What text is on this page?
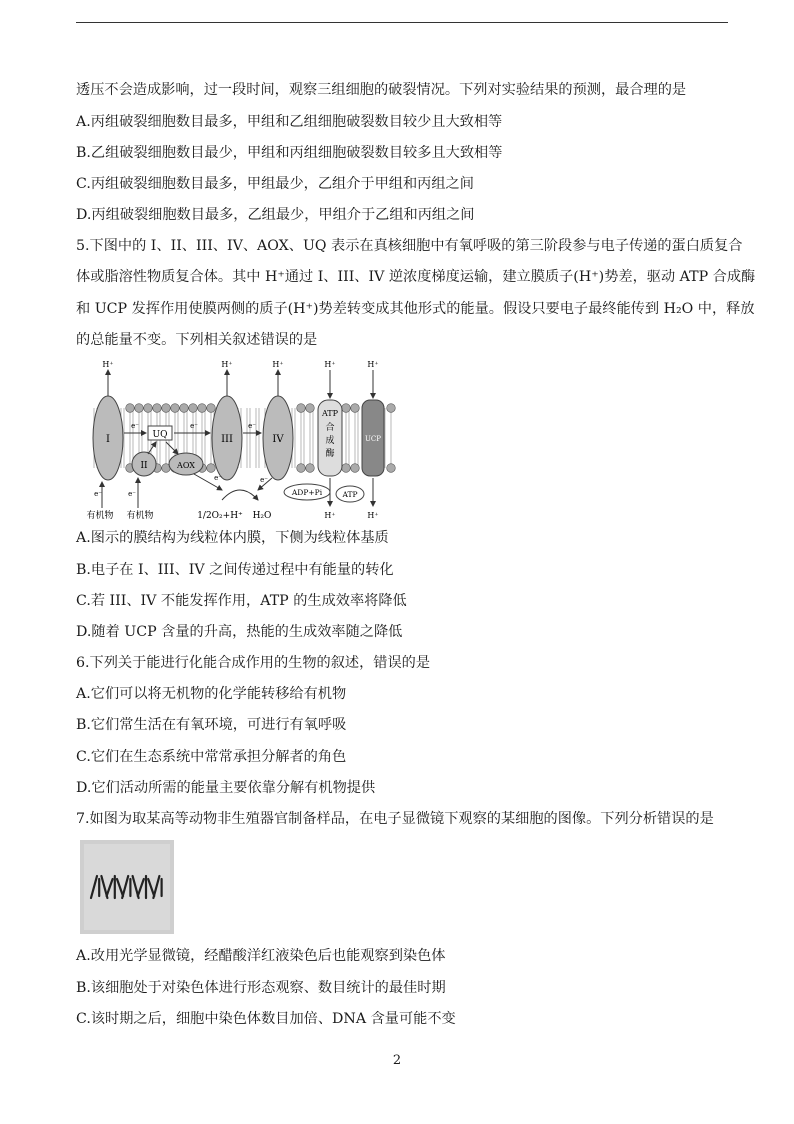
透压不会造成影响，过一段时间，观察三组细胞的破裂情况。下列对实验结果的预测，最合理的是
A.丙组破裂细胞数目最多，甲组和乙组细胞破裂数目较少且大致相等
B.乙组破裂细胞数目最少，甲组和丙组细胞破裂数目较多且大致相等
C.丙组破裂细胞数目最多，甲组最少，乙组介于甲组和丙组之间
D.丙组破裂细胞数目最多，乙组最少，甲组介于乙组和丙组之间
5.下图中的 I、II、III、IV、AOX、UQ 表示在真核细胞中有氧呼吸的第三阶段参与电子传递的蛋白质复合
体或脂溶性物质复合体。其中 H⁺通过 I、III、IV 逆浓度梯度运输，建立膜质子(H⁺)势差，驱动 ATP 合成酶
和 UCP 发挥作用使膜两侧的质子(H⁺)势差转变成其他形式的能量。假设只要电子最终能传到 H₂O 中，释放
的总能量不变。下列相关叙述错误的是
I	UQ
II	AOX
III	IV
ATP
合
成
酶
UCP
H⁺	H⁺	H⁺	H⁺
H⁺
H⁺
H⁺
e⁻	e⁻	e⁻
e⁻	e⁻
e⁻	e⁻
有机物 有机物	1/2O₂+H⁺ H₂O
ADP+Pi	ATP
A.图示的膜结构为线粒体内膜，下侧为线粒体基质
B.电子在 I、III、IV 之间传递过程中有能量的转化
C.若 III、IV 不能发挥作用，ATP 的生成效率将降低
D.随着 UCP 含量的升高，热能的生成效率随之降低
6.下列关于能进行化能合成作用的生物的叙述，错误的是
A.它们可以将无机物的化学能转移给有机物
B.它们常生活在有氧环境，可进行有氧呼吸
C.它们在生态系统中常常承担分解者的角色
D.它们活动所需的能量主要依靠分解有机物提供
7.如图为取某高等动物非生殖器官制备样品，在电子显微镜下观察的某细胞的图像。下列分析错误的是
A.改用光学显微镜，经醋酸洋红液染色后也能观察到染色体
B.该细胞处于对染色体进行形态观察、数目统计的最佳时期
C.该时期之后，细胞中染色体数目加倍、DNA 含量可能不变
2
